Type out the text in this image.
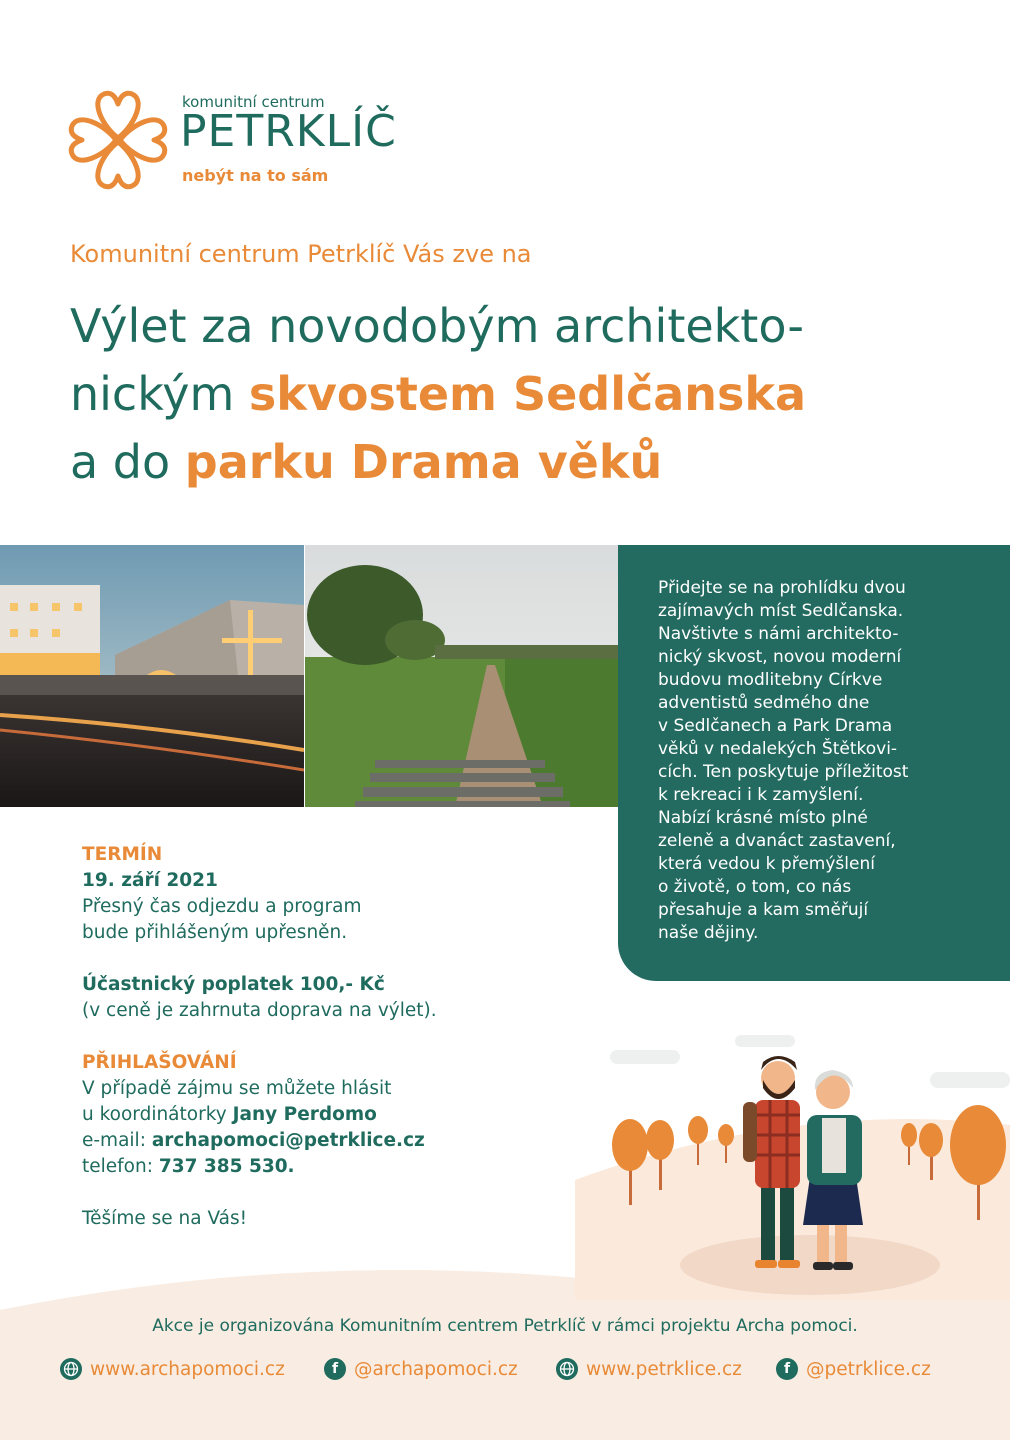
komunitní centrum
PETRKLÍČ
nebýt na to sám
Komunitní centrum Petrklíč Vás zve na
Výlet za novodobým architekto-
nickým skvostem Sedlčanska
a do parku Drama věků
Přidejte se na prohlídku dvou
zajímavých míst Sedlčanska.
Navštivte s námi architekto-
nický skvost, novou moderní
budovu modlitebny Církve
adventistů sedmého dne
v Sedlčanech a Park Drama
věků v nedalekých Štětkovi-
cích. Ten poskytuje příležitost
k rekreaci i k zamyšlení.
Nabízí krásné místo plné
zeleně a dvanáct zastavení,
která vedou k přemýšlení
o životě, o tom, co nás
přesahuje a kam směřují
naše dějiny.
TERMÍN
19. září 2021
Přesný čas odjezdu a program
bude přihlášeným upřesněn.
Účastnický poplatek 100,- Kč
(v ceně je zahrnuta doprava na výlet).
PŘIHLAŠOVÁNÍ
V případě zájmu se můžete hlásit
u koordinátorky Jany Perdomo
e-mail: archapomoci@petrklice.cz
telefon: 737 385 530.
Těšíme se na Vás!
Akce je organizována Komunitním centrem Petrklíč v rámci projektu Archa pomoci.
www.archapomoci.cz	f @archapomoci.cz	www.petrklice.cz	f @petrklice.cz
